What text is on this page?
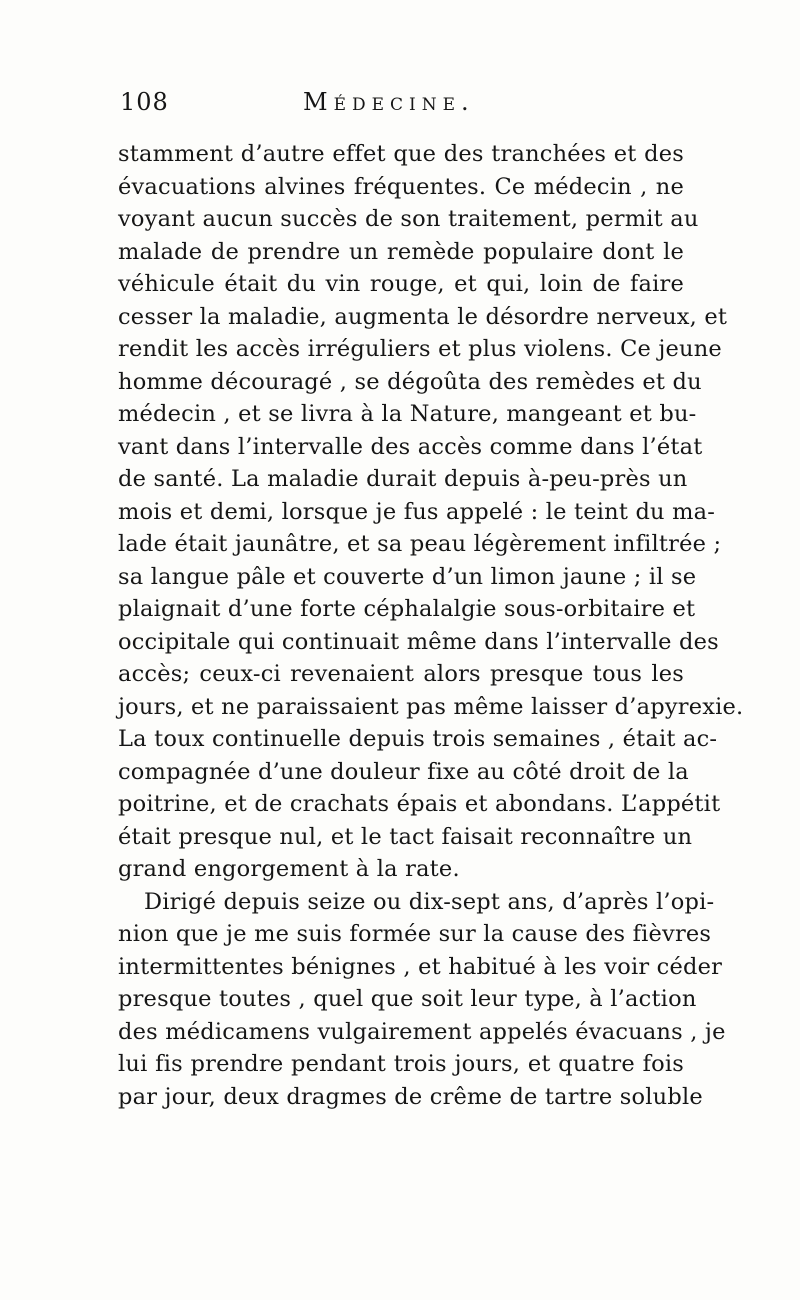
108	Médecine.
stamment d’autre effet que des tranchées et des
évacuations alvines fréquentes. Ce médecin , ne
voyant aucun succès de son traitement, permit au
malade de prendre un remède populaire dont le
véhicule était du vin rouge, et qui, loin de faire
cesser la maladie, augmenta le désordre nerveux, et
rendit les accès irréguliers et plus violens. Ce jeune
homme découragé , se dégoûta des remèdes et du
médecin , et se livra à la Nature, mangeant et bu-
vant dans l’intervalle des accès comme dans l’état
de santé. La maladie durait depuis à-peu-près un
mois et demi, lorsque je fus appelé : le teint du ma-
lade était jaunâtre, et sa peau légèrement infiltrée ;
sa langue pâle et couverte d’un limon jaune ; il se
plaignait d’une forte céphalalgie sous-orbitaire et
occipitale qui continuait même dans l’intervalle des
accès; ceux-ci revenaient alors presque tous les
jours, et ne paraissaient pas même laisser d’apyrexie.
La toux continuelle depuis trois semaines , était ac-
compagnée d’une douleur fixe au côté droit de la
poitrine, et de crachats épais et abondans. L’appétit
était presque nul, et le tact faisait reconnaître un
grand engorgement à la rate.
Dirigé depuis seize ou dix-sept ans, d’après l’opi-
nion que je me suis formée sur la cause des fièvres
intermittentes bénignes , et habitué à les voir céder
presque toutes , quel que soit leur type, à l’action
des médicamens vulgairement appelés évacuans , je
lui fis prendre pendant trois jours, et quatre fois
par jour, deux dragmes de crême de tartre soluble
